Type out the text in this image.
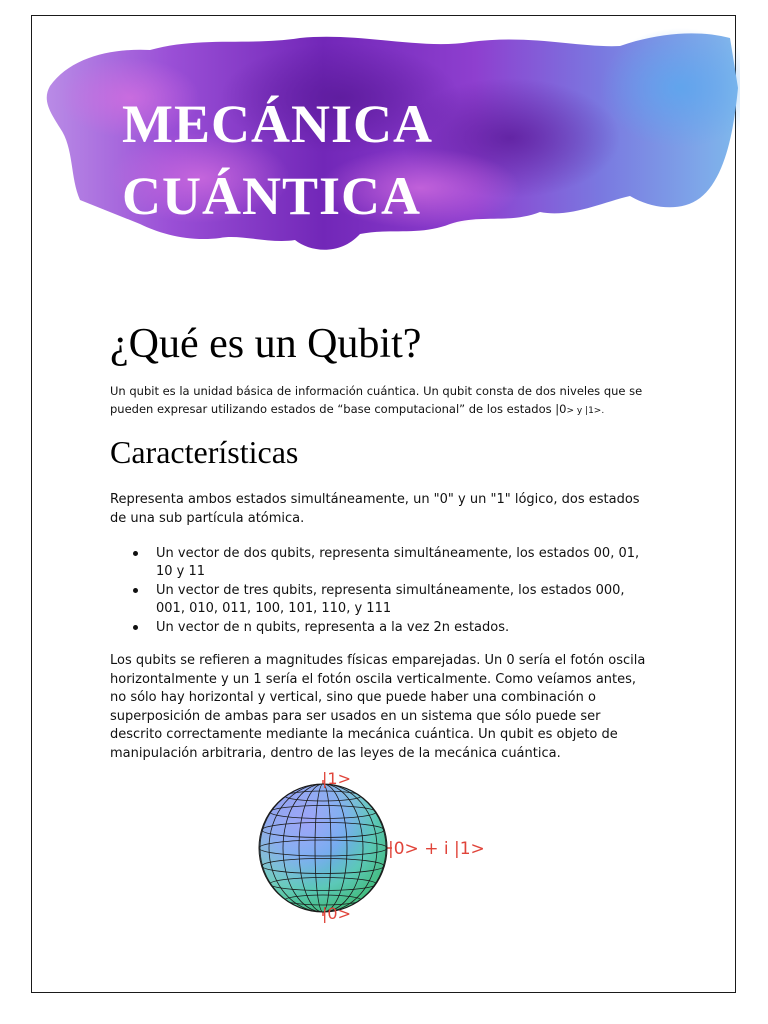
MECÁNICA CUÁNTICA
¿Qué es un Qubit?

Un qubit es la unidad básica de información cuántica. Un qubit consta de dos niveles que se pueden expresar utilizando estados de “base computacional” de los estados |0> y |1>.

Características

Representa ambos estados simultáneamente, un "0" y un "1" lógico, dos estados de una sub partícula atómica.

Un vector de dos qubits, representa simultáneamente, los estados 00, 01, 10 y 11
Un vector de tres qubits, representa simultáneamente, los estados 000, 001, 010, 011, 100, 101, 110, y 111
Un vector de n qubits, representa a la vez 2n estados.

Los qubits se refieren a magnitudes físicas emparejadas. Un 0 sería el fotón oscila horizontalmente y un 1 sería el fotón oscila verticalmente. Como veíamos antes, no sólo hay horizontal y vertical, sino que puede haber una combinación o superposición de ambas para ser usados en un sistema que sólo puede ser descrito correctamente mediante la mecánica cuántica. Un qubit es objeto de manipulación arbitraria, dentro de las leyes de la mecánica cuántica.

|1>
|0> + i |1>
|0>
